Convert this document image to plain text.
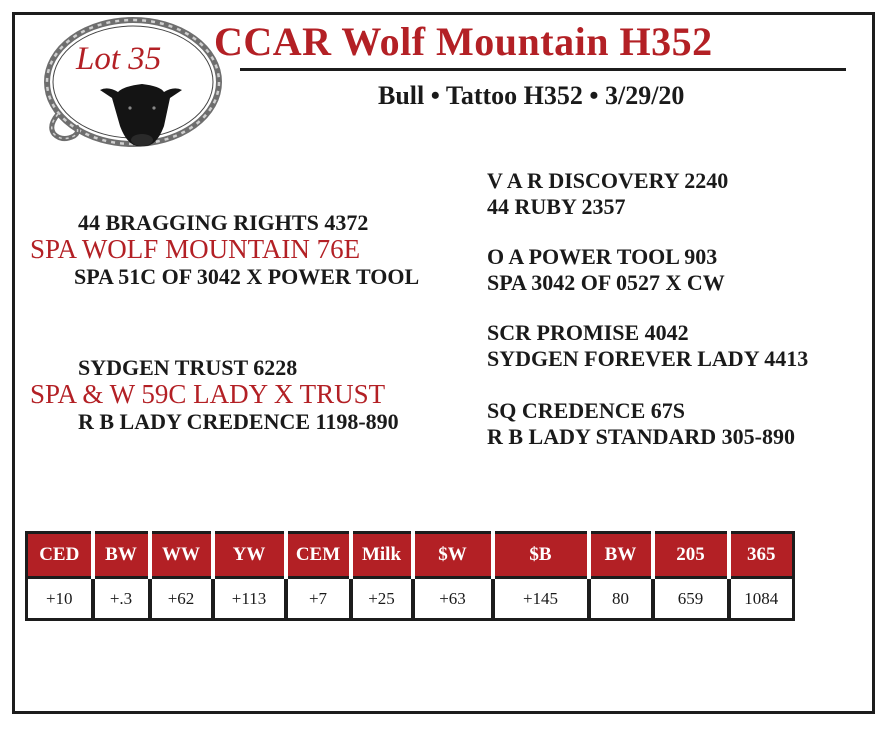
Lot 35 CCAR Wolf Mountain H352
Bull • Tattoo H352 • 3/29/20
44 BRAGGING RIGHTS 4372
SPA WOLF MOUNTAIN 76E
SPA 51C OF 3042 X POWER TOOL
SYDGEN TRUST 6228
SPA & W 59C LADY X TRUST
R B LADY CREDENCE 1198-890
V A R DISCOVERY 2240
44 RUBY 2357
O A POWER TOOL 903
SPA 3042 OF 0527 X CW
SCR PROMISE 4042
SYDGEN FOREVER LADY 4413
SQ CREDENCE 67S
R B LADY STANDARD 305-890
CED	BW	WW	YW	CEM	Milk	$W	$B	BW	205	365
+10	+.3	+62	+113	+7	+25	+63	+145	80	659	1084
